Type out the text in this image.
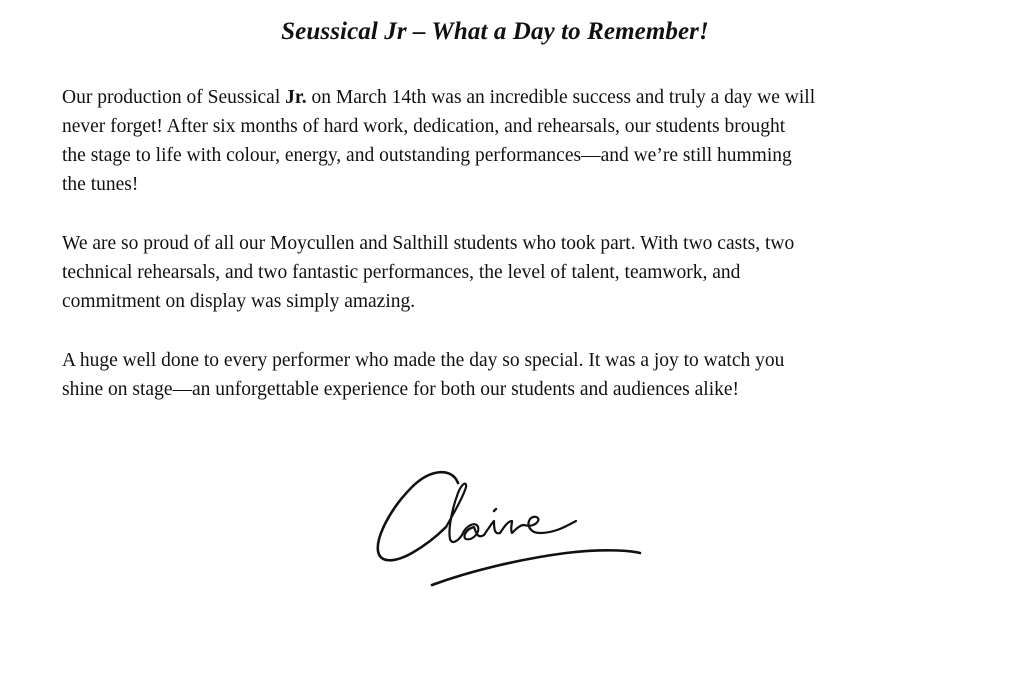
Seussical Jr – What a Day to Remember!

Our production of Seussical Jr. on March 14th was an incredible success and truly a day we will
never forget! After six months of hard work, dedication, and rehearsals, our students brought
the stage to life with colour, energy, and outstanding performances—and we’re still humming
the tunes!

We are so proud of all our Moycullen and Salthill students who took part. With two casts, two
technical rehearsals, and two fantastic performances, the level of talent, teamwork, and
commitment on display was simply amazing.

A huge well done to every performer who made the day so special. It was a joy to watch you
shine on stage—an unforgettable experience for both our students and audiences alike!
